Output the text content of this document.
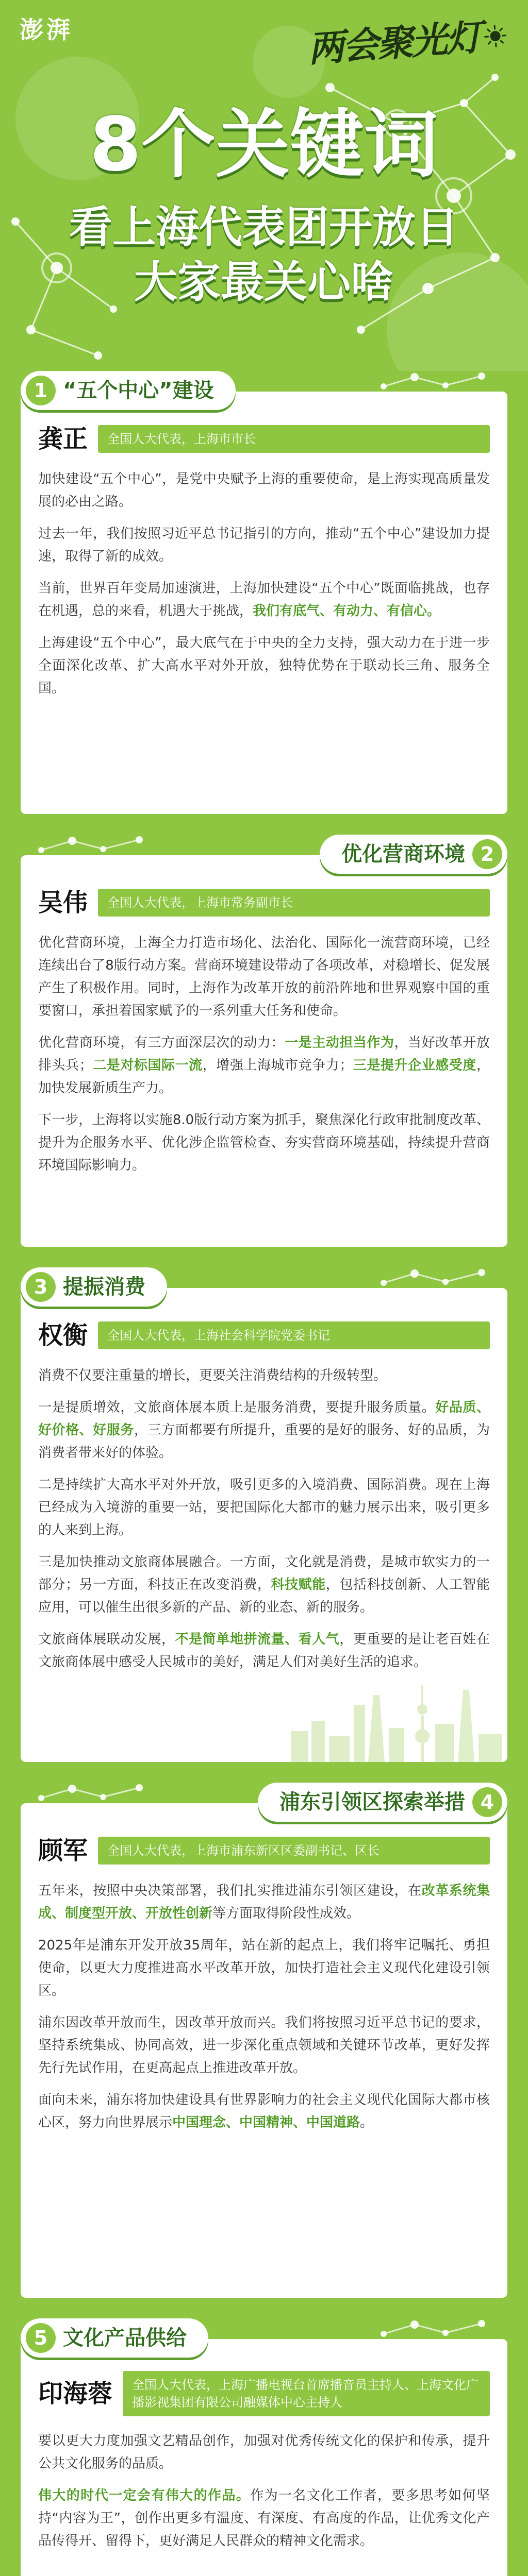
澎湃	两会聚光灯
8个关键词
看上海代表团开放日
大家最关心啥
1 “五个中心”建设
龚正	全国人大代表，上海市市长

加快建设“五个中心”，是党中央赋予上海的重要使命，是上海实现高质量发展的必由之路。

过去一年，我们按照习近平总书记指引的方向，推动“五个中心”建设加力提速，取得了新的成效。

当前，世界百年变局加速演进，上海加快建设“五个中心”既面临挑战，也存在机遇，总的来看，机遇大于挑战，我们有底气、有动力、有信心。

上海建设“五个中心”，最大底气在于中央的全力支持，强大动力在于进一步全面深化改革、扩大高水平对外开放，独特优势在于联动长三角、服务全国。

2
优化营商环境
吴伟	全国人大代表，上海市常务副市长

优化营商环境，上海全力打造市场化、法治化、国际化一流营商环境，已经连续出台了8版行动方案。营商环境建设带动了各项改革，对稳增长、促发展产生了积极作用。同时，上海作为改革开放的前沿阵地和世界观察中国的重要窗口，承担着国家赋予的一系列重大任务和使命。

优化营商环境，有三方面深层次的动力：一是主动担当作为，当好改革开放排头兵；二是对标国际一流，增强上海城市竞争力；三是提升企业感受度，加快发展新质生产力。

下一步，上海将以实施8.0版行动方案为抓手，聚焦深化行政审批制度改革、提升为企服务水平、优化涉企监管检查、夯实营商环境基础，持续提升营商环境国际影响力。

3 提振消费
权衡	全国人大代表，上海社会科学院党委书记

消费不仅要注重量的增长，更要关注消费结构的升级转型。

一是提质增效，文旅商体展本质上是服务消费，要提升服务质量。好品质、好价格、好服务，三方面都要有所提升，重要的是好的服务、好的品质，为消费者带来好的体验。

二是持续扩大高水平对外开放，吸引更多的入境消费、国际消费。现在上海已经成为入境游的重要一站，要把国际化大都市的魅力展示出来，吸引更多的人来到上海。

三是加快推动文旅商体展融合。一方面，文化就是消费，是城市软实力的一部分；另一方面，科技正在改变消费，科技赋能，包括科技创新、人工智能应用，可以催生出很多新的产品、新的业态、新的服务。

文旅商体展联动发展，不是简单地拼流量、看人气，更重要的是让老百姓在文旅商体展中感受人民城市的美好，满足人们对美好生活的追求。

4
浦东引领区探索举措
顾军	全国人大代表，上海市浦东新区区委副书记、区长

五年来，按照中央决策部署，我们扎实推进浦东引领区建设，在改革系统集成、制度型开放、开放性创新等方面取得阶段性成效。

2025年是浦东开发开放35周年，站在新的起点上，我们将牢记嘱托、勇担使命，以更大力度推进高水平改革开放，加快打造社会主义现代化建设引领区。

浦东因改革开放而生，因改革开放而兴。我们将按照习近平总书记的要求，坚持系统集成、协同高效，进一步深化重点领域和关键环节改革，更好发挥先行先试作用，在更高起点上推进改革开放。

面向未来，浦东将加快建设具有世界影响力的社会主义现代化国际大都市核心区，努力向世界展示中国理念、中国精神、中国道路。

5 文化产品供给
印海蓉	全国人大代表，上海广播电视台首席播音员主持人、上海文化广播影视集团有限公司融媒体中心主持人

要以更大力度加强文艺精品创作，加强对优秀传统文化的保护和传承，提升公共文化服务的品质。

伟大的时代一定会有伟大的作品。作为一名文化工作者，要多思考如何坚持“内容为王”，创作出更多有温度、有深度、有高度的作品，让优秀文化产品传得开、留得下，更好满足人民群众的精神文化需求。
